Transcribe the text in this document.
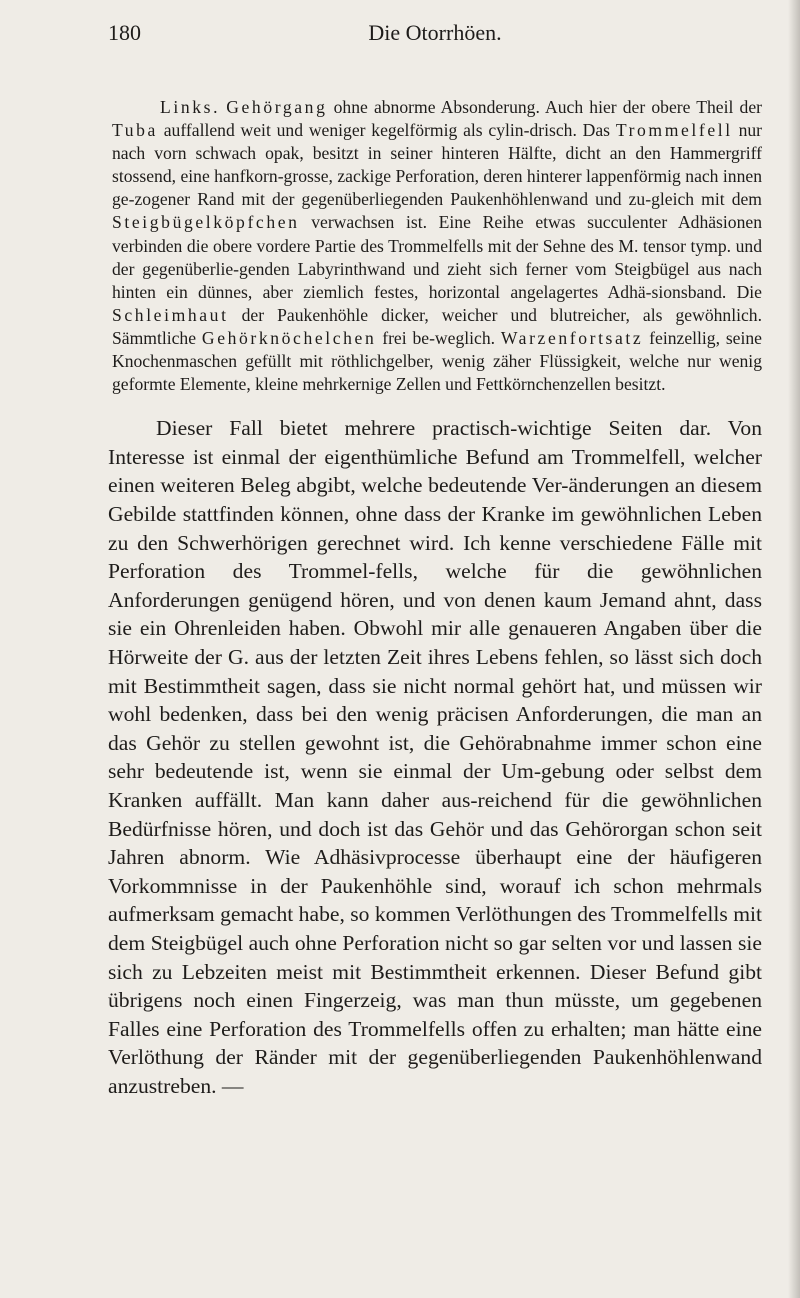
180	Die Otorrhöen.

Links. Gehörgang ohne abnorme Absonderung. Auch hier der obere Theil der Tuba auffallend weit und weniger kegelförmig als cylin-drisch. Das Trommelfell nur nach vorn schwach opak, besitzt in seiner hinteren Hälfte, dicht an den Hammergriff stossend, eine hanfkorn-grosse, zackige Perforation, deren hinterer lappenförmig nach innen ge-zogener Rand mit der gegenüberliegenden Paukenhöhlenwand und zu-gleich mit dem Steigbügelköpfchen verwachsen ist. Eine Reihe etwas succulenter Adhäsionen verbinden die obere vordere Partie des Trommelfells mit der Sehne des M. tensor tymp. und der gegenüberlie-genden Labyrinthwand und zieht sich ferner vom Steigbügel aus nach hinten ein dünnes, aber ziemlich festes, horizontal angelagertes Adhä-sionsband. Die Schleimhaut der Paukenhöhle dicker, weicher und blutreicher, als gewöhnlich. Sämmtliche Gehörknöchelchen frei be-weglich. Warzenfortsatz feinzellig, seine Knochenmaschen gefüllt mit röthlichgelber, wenig zäher Flüssigkeit, welche nur wenig geformte Elemente, kleine mehrkernige Zellen und Fettkörnchenzellen besitzt.

Dieser Fall bietet mehrere practisch-wichtige Seiten dar. Von Interesse ist einmal der eigenthümliche Befund am Trommelfell, welcher einen weiteren Beleg abgibt, welche bedeutende Ver-änderungen an diesem Gebilde stattfinden können, ohne dass der Kranke im gewöhnlichen Leben zu den Schwerhörigen gerechnet wird. Ich kenne verschiedene Fälle mit Perforation des Trommel-fells, welche für die gewöhnlichen Anforderungen genügend hören, und von denen kaum Jemand ahnt, dass sie ein Ohrenleiden haben. Obwohl mir alle genaueren Angaben über die Hörweite der G. aus der letzten Zeit ihres Lebens fehlen, so lässt sich doch mit Bestimmtheit sagen, dass sie nicht normal gehört hat, und müssen wir wohl bedenken, dass bei den wenig präcisen Anforderungen, die man an das Gehör zu stellen gewohnt ist, die Gehörabnahme immer schon eine sehr bedeutende ist, wenn sie einmal der Um-gebung oder selbst dem Kranken auffällt. Man kann daher aus-reichend für die gewöhnlichen Bedürfnisse hören, und doch ist das Gehör und das Gehörorgan schon seit Jahren abnorm. Wie Adhäsivprocesse überhaupt eine der häufigeren Vorkommnisse in der Paukenhöhle sind, worauf ich schon mehrmals aufmerksam gemacht habe, so kommen Verlöthungen des Trommelfells mit dem Steigbügel auch ohne Perforation nicht so gar selten vor und lassen sie sich zu Lebzeiten meist mit Bestimmtheit erkennen. Dieser Befund gibt übrigens noch einen Fingerzeig, was man thun müsste, um gegebenen Falles eine Perforation des Trommelfells offen zu erhalten; man hätte eine Verlöthung der Ränder mit der gegenüberliegenden Paukenhöhlenwand anzustreben. —
